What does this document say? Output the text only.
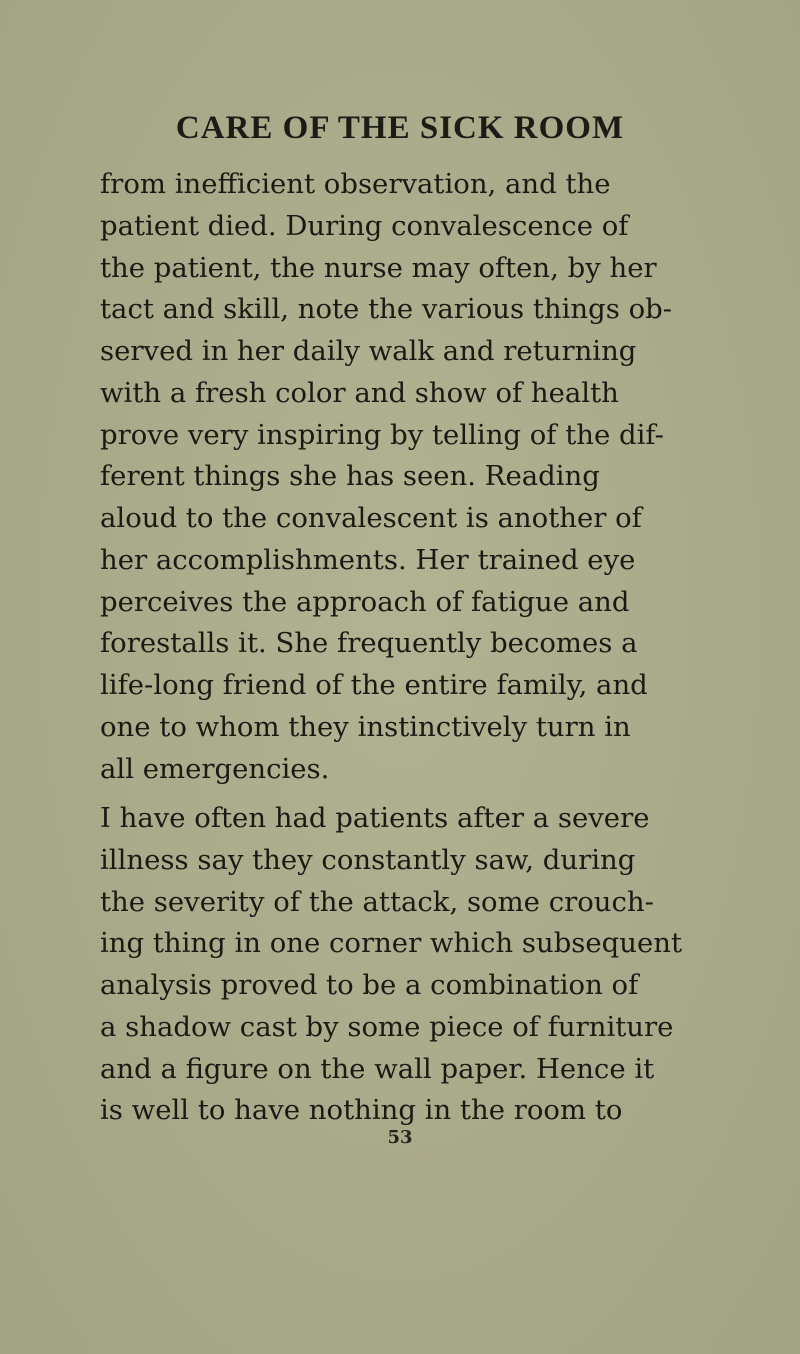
CARE OF THE SICK ROOM
from inefficient observation, and the
patient died. During convalescence of
the patient, the nurse may often, by her
tact and skill, note the various things ob-
served in her daily walk and returning
with a fresh color and show of health
prove very inspiring by telling of the dif-
ferent things she has seen. Reading
aloud to the convalescent is another of
her accomplishments. Her trained eye
perceives the approach of fatigue and
forestalls it. She frequently becomes a
life-long friend of the entire family, and
one to whom they instinctively turn in
all emergencies.
I have often had patients after a severe
illness say they constantly saw, during
the severity of the attack, some crouch-
ing thing in one corner which subsequent
analysis proved to be a combination of
a shadow cast by some piece of furniture
and a figure on the wall paper. Hence it
is well to have nothing in the room to
53
